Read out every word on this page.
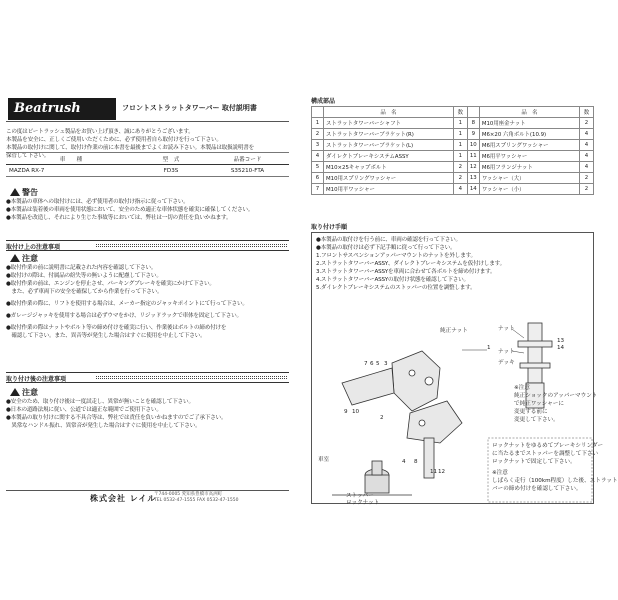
Beatrush	フロントストラットタワーバー 取付説明書
この度はビートラッシュ製品をお買い上げ頂き、誠にありがとうございます。
本製品を安全に、正しくご使用いただくために、必ず使用者自ら取付けを行って下さい。
本製品の取付けに関して、取付け作業の前に本書を最後までよくお読み下さい。本製品は取扱説明書を
保管して下さい。
車　　種	型　式	品番コード
MAZDA RX-7	FD3S	S35210-FTA
警告
●本製品の車体への取付けには、必ず使用者の取付け指示に従って下さい。
●本製品は装着後の車両を使用状態において、安全のため適正な車体状態を確実に確保してください。
●本製品を改造し、それにより生じた事故等においては、弊社は一切の責任を負いかねます。
取付け上の注意事項
注意
●取付作業の前に説明書に記載された内容を確認して下さい。
●取付けの際は、付属品の紛失等の無いように配慮して下さい。
●取付作業の前は、エンジンを停止させ、パーキングブレーキを確実にかけて下さい。
　また、必ず車両下の安全を確保してから作業を行って下さい。
●取付作業の際に、リフトを使用する場合は、メーカー指定のジャッキポイントにて行って下さい。
●ガレージジャッキを使用する場合は必ずウマをかけ、リジッドラックで車体を固定して下さい。
●取付作業の際はナットやボルト等の締め付けを確実に行い、作業後はボルトの締め付けを
　確認して下さい。また、異音等が発生した場合はすぐに使用を中止して下さい。
取り付け後の注意事項
注意
●安全のため、取り付け後は一度試走し、異常が無いことを確認して下さい。
●日本の道路法規に従い、公道では適正な範囲でご使用下さい。
●本製品の取り付けに関する不具合等は、弊社では責任を負いかねますのでご了承下さい。
　異常なハンドル振れ、異常音が発生した場合はすぐに使用を中止して下さい。
株式会社 レイル
〒744-0005 愛知県豊橋市高洲町
TEL 0532-47-1555 FAX 0532-47-1550
構成部品
	品　名	数		品　名	数
1	ストラットタワーバーシャフト	1	8	M10用座金ナット	2
2	ストラットタワーバーブラケット(R)	1	9	M6×20 六角ボルト(10.9)	4
3	ストラットタワーバーブラケット(L)	1	10	M6用スプリングワッシャー	4
4	ダイレクトブレーキシステムASSY	1	11	M6用平ワッシャー	4
5	M10×25キャップボルト	2	12	M6用フランジナット	4
6	M10用スプリングワッシャー	2	13	ワッシャー（大）	2
7	M10用平ワッシャー	4	14	ワッシャー（小）	2
取り付け手順
●本製品の取付けを行う前に、車両の確認を行って下さい。
●本製品の取付けは必ず下記手順に従って行って下さい。
1.フロントサスペンションアッパーマウントのナットを外します。
2.ストラットタワーバーASSY、ダイレクトブレーキシステムを仮付けします。
3.ストラットタワーバーASSYを車両に合わせて各ボルトを締め付けます。
4.ストラットタワーバーASSYの取付け状態を確認して下さい。
5.ダイレクトブレーキシステムのストッパーの位置を調整します。
純正ナット	ナット
ナット
デッキ
※注意
純正ショックのアッパーマウント
で純正ワッシャーに
変更する前に
変更して下さい。
車室
ストッパー
ロックナット
ロックナットをゆるめてブレーキシリンダー
に当たるまでストッパーを調整して下さい
ロックナットで固定して下さい。
※注意
しばらく走行（100km程度）した後、ストラット
バーの締め付けを確認して下さい。
1
2
3
4
5
6
7
8
9 10
11 12
13
14
